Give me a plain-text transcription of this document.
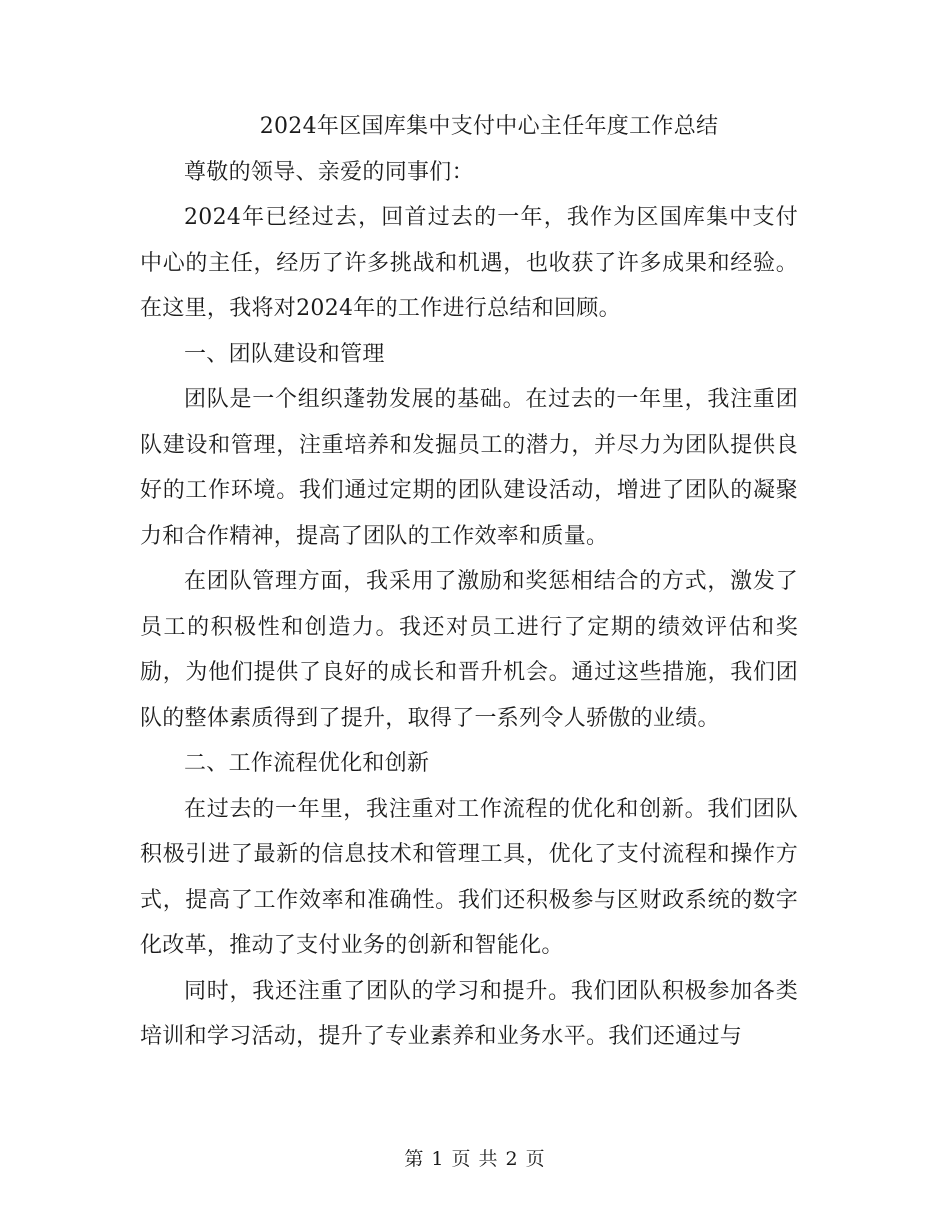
2024年区国库集中支付中心主任年度工作总结

尊敬的领导、亲爱的同事们：

2024年已经过去，回首过去的一年，我作为区国库集中支付中心的主任，经历了许多挑战和机遇，也收获了许多成果和经验。在这里，我将对2024年的工作进行总结和回顾。

一、团队建设和管理

团队是一个组织蓬勃发展的基础。在过去的一年里，我注重团队建设和管理，注重培养和发掘员工的潜力，并尽力为团队提供良好的工作环境。我们通过定期的团队建设活动，增进了团队的凝聚力和合作精神，提高了团队的工作效率和质量。

在团队管理方面，我采用了激励和奖惩相结合的方式，激发了员工的积极性和创造力。我还对员工进行了定期的绩效评估和奖励，为他们提供了良好的成长和晋升机会。通过这些措施，我们团队的整体素质得到了提升，取得了一系列令人骄傲的业绩。

二、工作流程优化和创新

在过去的一年里，我注重对工作流程的优化和创新。我们团队积极引进了最新的信息技术和管理工具，优化了支付流程和操作方式，提高了工作效率和准确性。我们还积极参与区财政系统的数字化改革，推动了支付业务的创新和智能化。

同时，我还注重了团队的学习和提升。我们团队积极参加各类培训和学习活动，提升了专业素养和业务水平。我们还通过与

第 1 页 共 2 页
